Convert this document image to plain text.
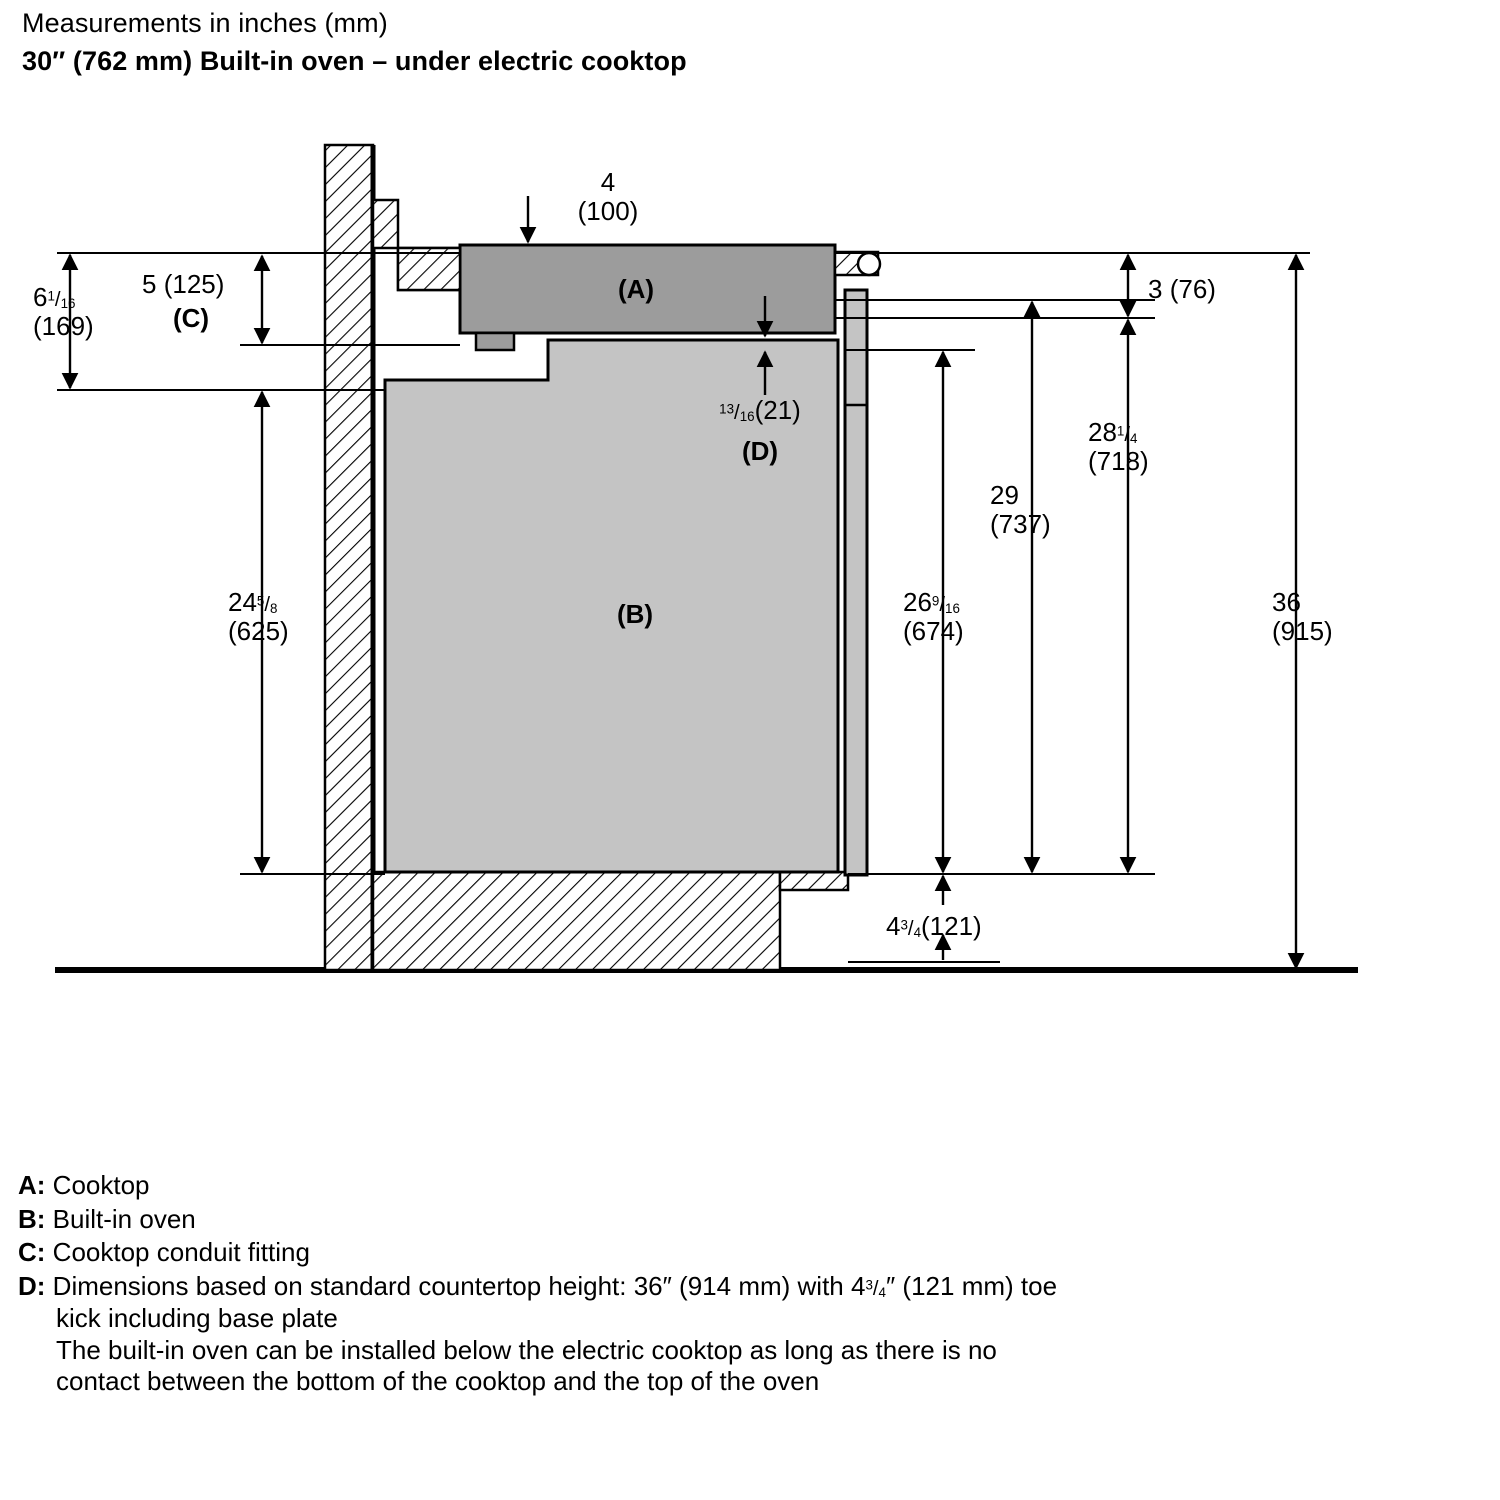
Measurements in inches (mm)
30″ (762 mm) Built-in oven – under electric cooktop
4
(100)
$6^1/_{16}$
(169)
5 (125)
(C)
(A)
(B)
$^{13}/_{16}(21)$
(D)
$24^5/_8$
(625)
$26^9/_{16}$
(674)
29
(737)
$28^1/_4$
(718)
3 (76)
36
(915)
$4^3/_4(121)$
A: Cooktop
B: Built-in oven
C: Cooktop conduit fitting
D: Dimensions based on standard countertop height: 36″ (914 mm) with $4^3/_4''$ (121 mm) toe
kick including base plate
The built-in oven can be installed below the electric cooktop as long as there is no
contact between the bottom of the cooktop and the top of the oven
